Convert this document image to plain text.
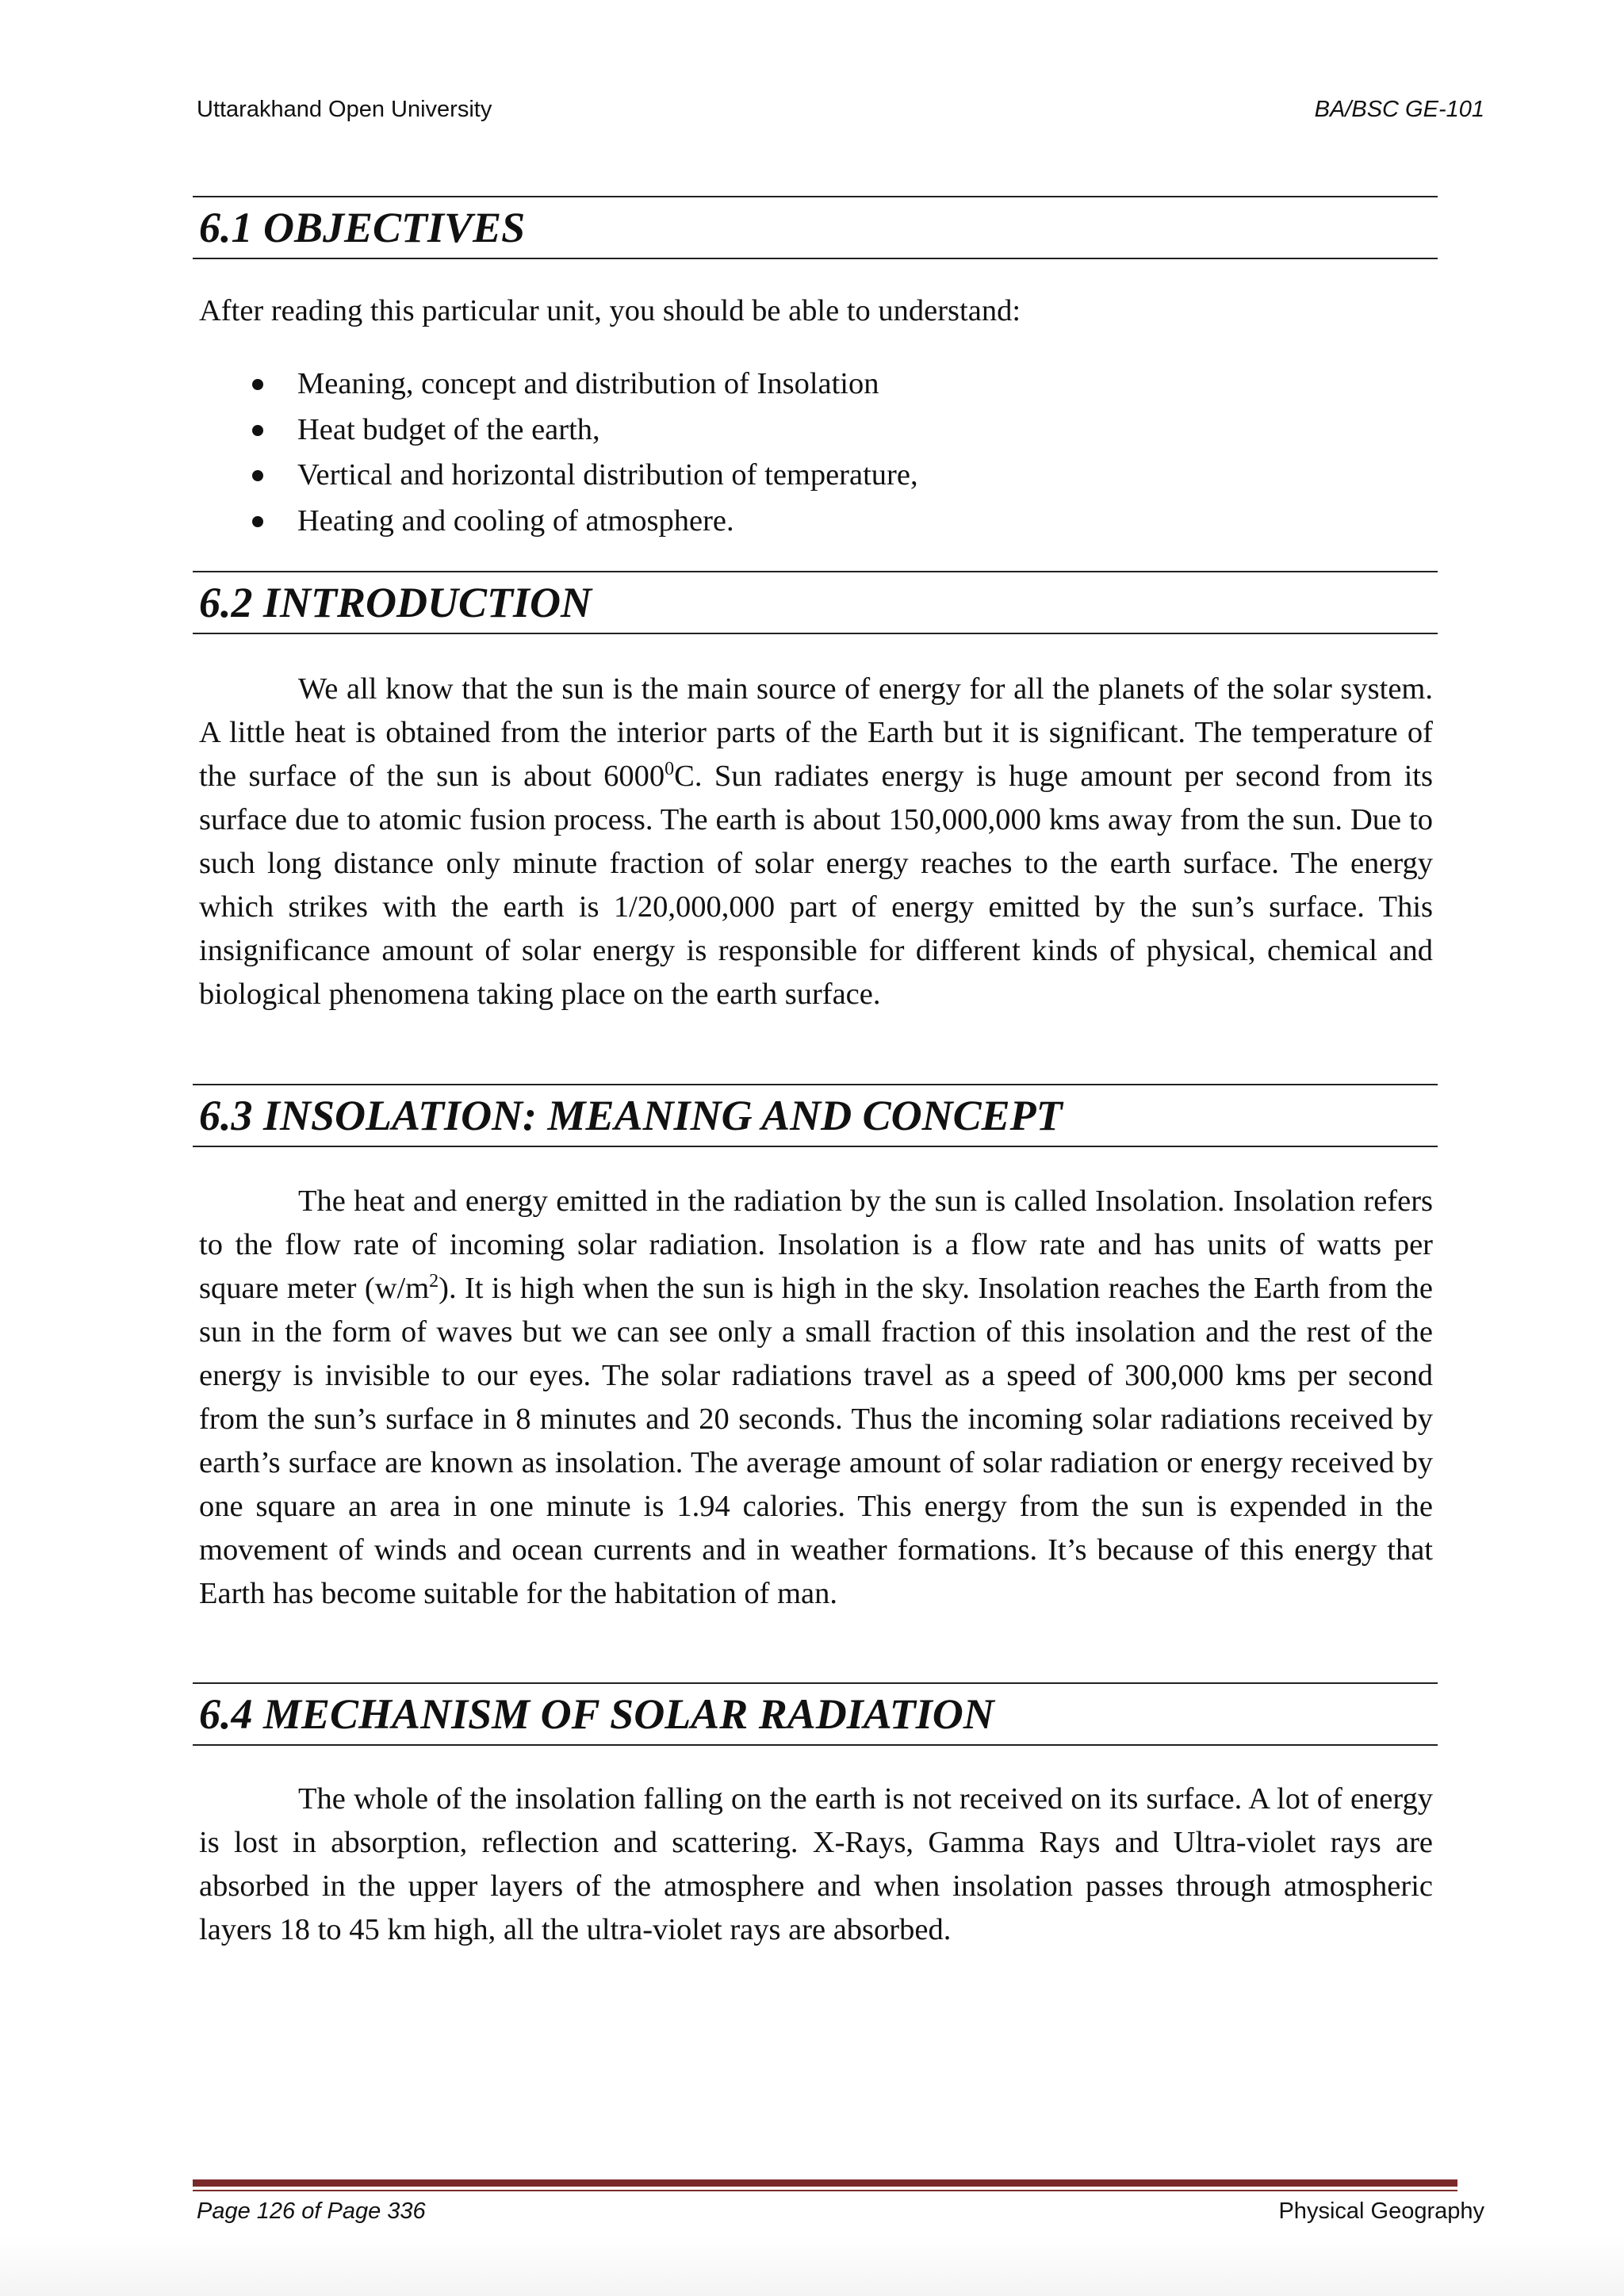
Uttarakhand Open University	BA/BSC GE-101
6.1 OBJECTIVES

After reading this particular unit, you should be able to understand:

Meaning, concept and distribution of Insolation
Heat budget of the earth,
Vertical and horizontal distribution of temperature,
Heating and cooling of atmosphere.
6.2 INTRODUCTION

We all know that the sun is the main source of energy for all the planets of the solar system. A little heat is obtained from the interior parts of the Earth but it is significant. The temperature of the surface of the sun is about 6000$^0$C. Sun radiates energy is huge amount per second from its surface due to atomic fusion process. The earth is about 150,000,000 kms away from the sun. Due to such long distance only minute fraction of solar energy reaches to the earth surface. The energy which strikes with the earth is 1/20,000,000 part of energy emitted by the sun’s surface. This insignificance amount of solar energy is responsible for different kinds of physical, chemical and biological phenomena taking place on the earth surface.

6.3 INSOLATION: MEANING AND CONCEPT

The heat and energy emitted in the radiation by the sun is called Insolation. Insolation refers to the flow rate of incoming solar radiation. Insolation is a flow rate and has units of watts per square meter $(w/m^2)$. It is high when the sun is high in the sky. Insolation reaches the Earth from the sun in the form of waves but we can see only a small fraction of this insolation and the rest of the energy is invisible to our eyes. The solar radiations travel as a speed of 300,000 kms per second from the sun’s surface in 8 minutes and 20 seconds. Thus the incoming solar radiations received by earth’s surface are known as insolation. The average amount of solar radiation or energy received by one square an area in one minute is 1.94 calories. This energy from the sun is expended in the movement of winds and ocean currents and in weather formations. It’s because of this energy that Earth has become suitable for the habitation of man.

6.4 MECHANISM OF SOLAR RADIATION

The whole of the insolation falling on the earth is not received on its surface. A lot of energy is lost in absorption, reflection and scattering. X-Rays, Gamma Rays and Ultra-violet rays are absorbed in the upper layers of the atmosphere and when insolation passes through atmospheric layers 18 to 45 km high, all the ultra-violet rays are absorbed.

Page 126 of Page 336	Physical Geography
